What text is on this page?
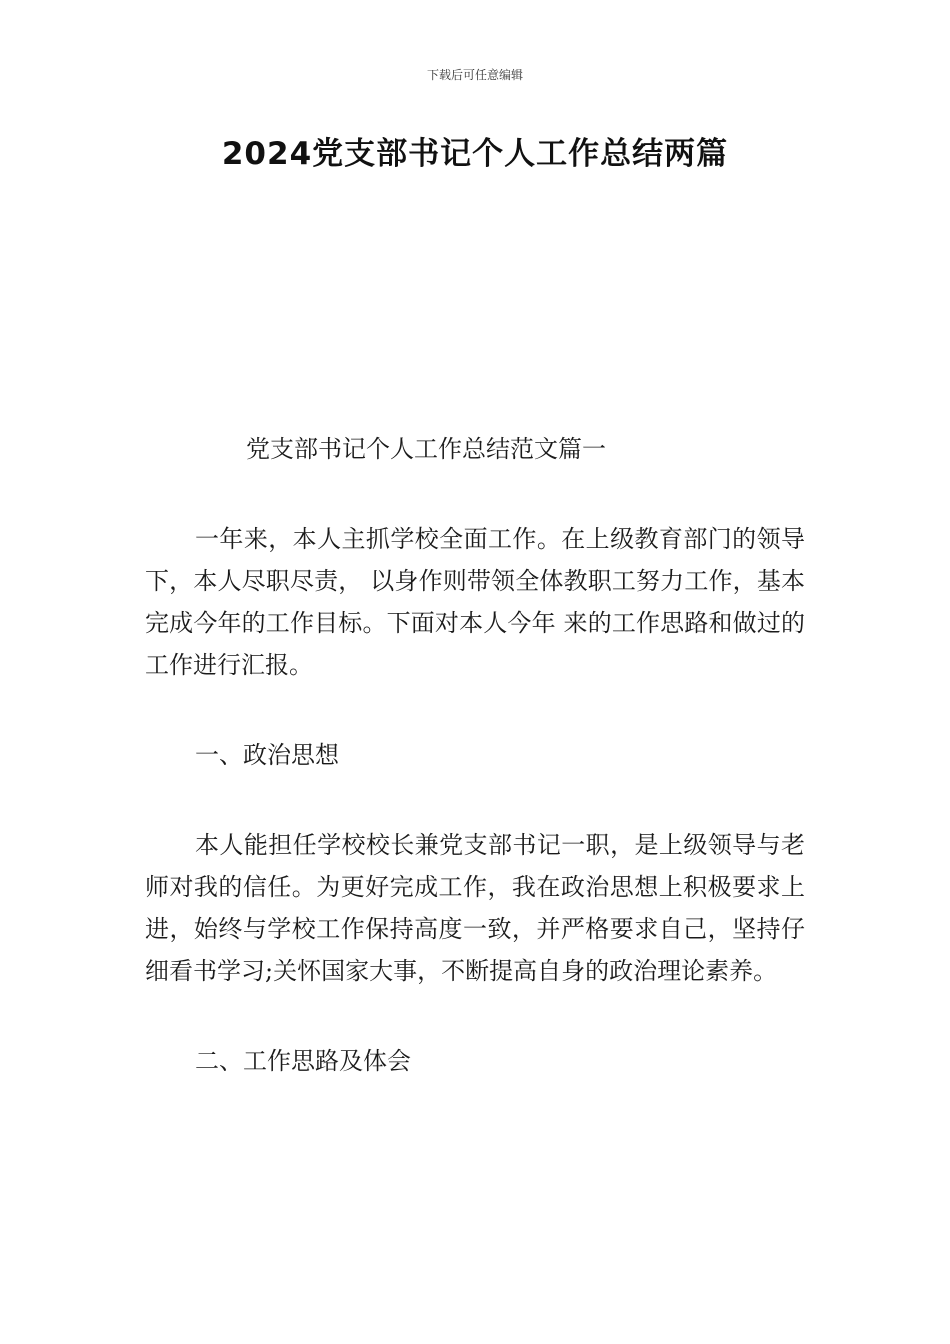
下载后可任意编辑
2024党支部书记个人工作总结两篇

党支部书记个人工作总结范文篇一

一年来，本人主抓学校全面工作。在上级教育部门的领导下，本人尽职尽责， 以身作则带领全体教职工努力工作，基本完成今年的工作目标。下面对本人今年 来的工作思路和做过的工作进行汇报。

一、政治思想

本人能担任学校校长兼党支部书记一职，是上级领导与老师对我的信任。为更好完成工作，我在政治思想上积极要求上进，始终与学校工作保持高度一致，并严格要求自己，坚持仔细看书学习;关怀国家大事，不断提高自身的政治理论素养。

二、工作思路及体会
